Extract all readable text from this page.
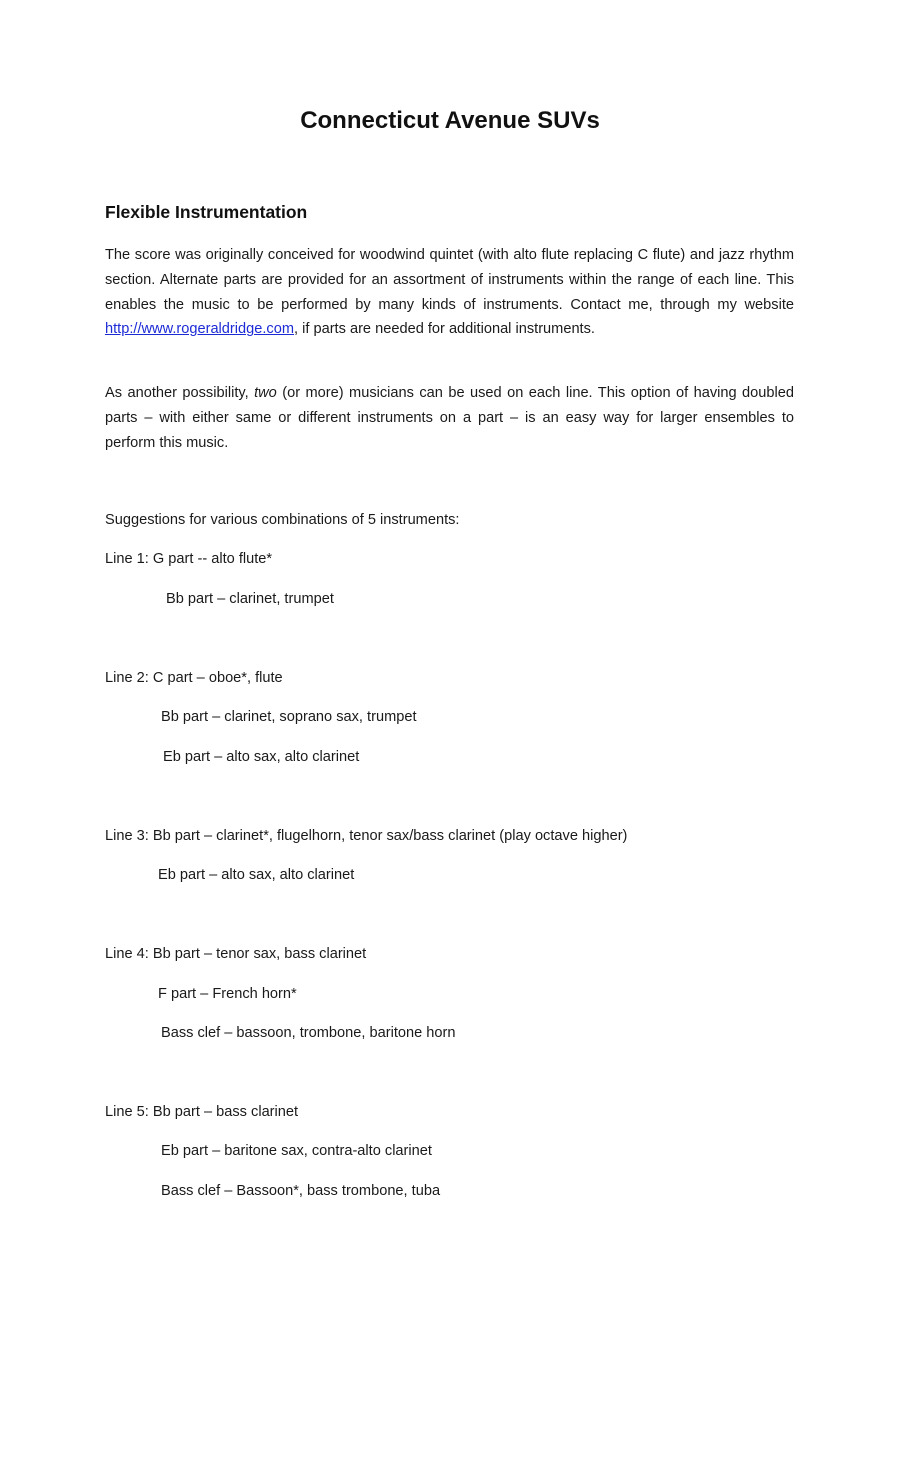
Connecticut Avenue SUVs
Flexible Instrumentation

The score was originally conceived for woodwind quintet (with alto flute replacing C flute) and jazz rhythm section. Alternate parts are provided for an assortment of instruments within the range of each line. This enables the music to be performed by many kinds of instruments. Contact me, through my website http://www.rogeraldridge.com, if parts are needed for additional instruments.

As another possibility, two (or more) musicians can be used on each line. This option of having doubled parts – with either same or different instruments on a part – is an easy way for larger ensembles to perform this music.

Suggestions for various combinations of 5 instruments:

Line 1: G part -- alto flute*

Bb part – clarinet, trumpet

Line 2: C part – oboe*, flute

Bb part – clarinet, soprano sax, trumpet

Eb part – alto sax, alto clarinet

Line 3: Bb part – clarinet*, flugelhorn, tenor sax/bass clarinet (play octave higher)

Eb part – alto sax, alto clarinet

Line 4: Bb part – tenor sax, bass clarinet

F part – French horn*

Bass clef – bassoon, trombone, baritone horn

Line 5: Bb part – bass clarinet

Eb part – baritone sax, contra-alto clarinet

Bass clef – Bassoon*, bass trombone, tuba
